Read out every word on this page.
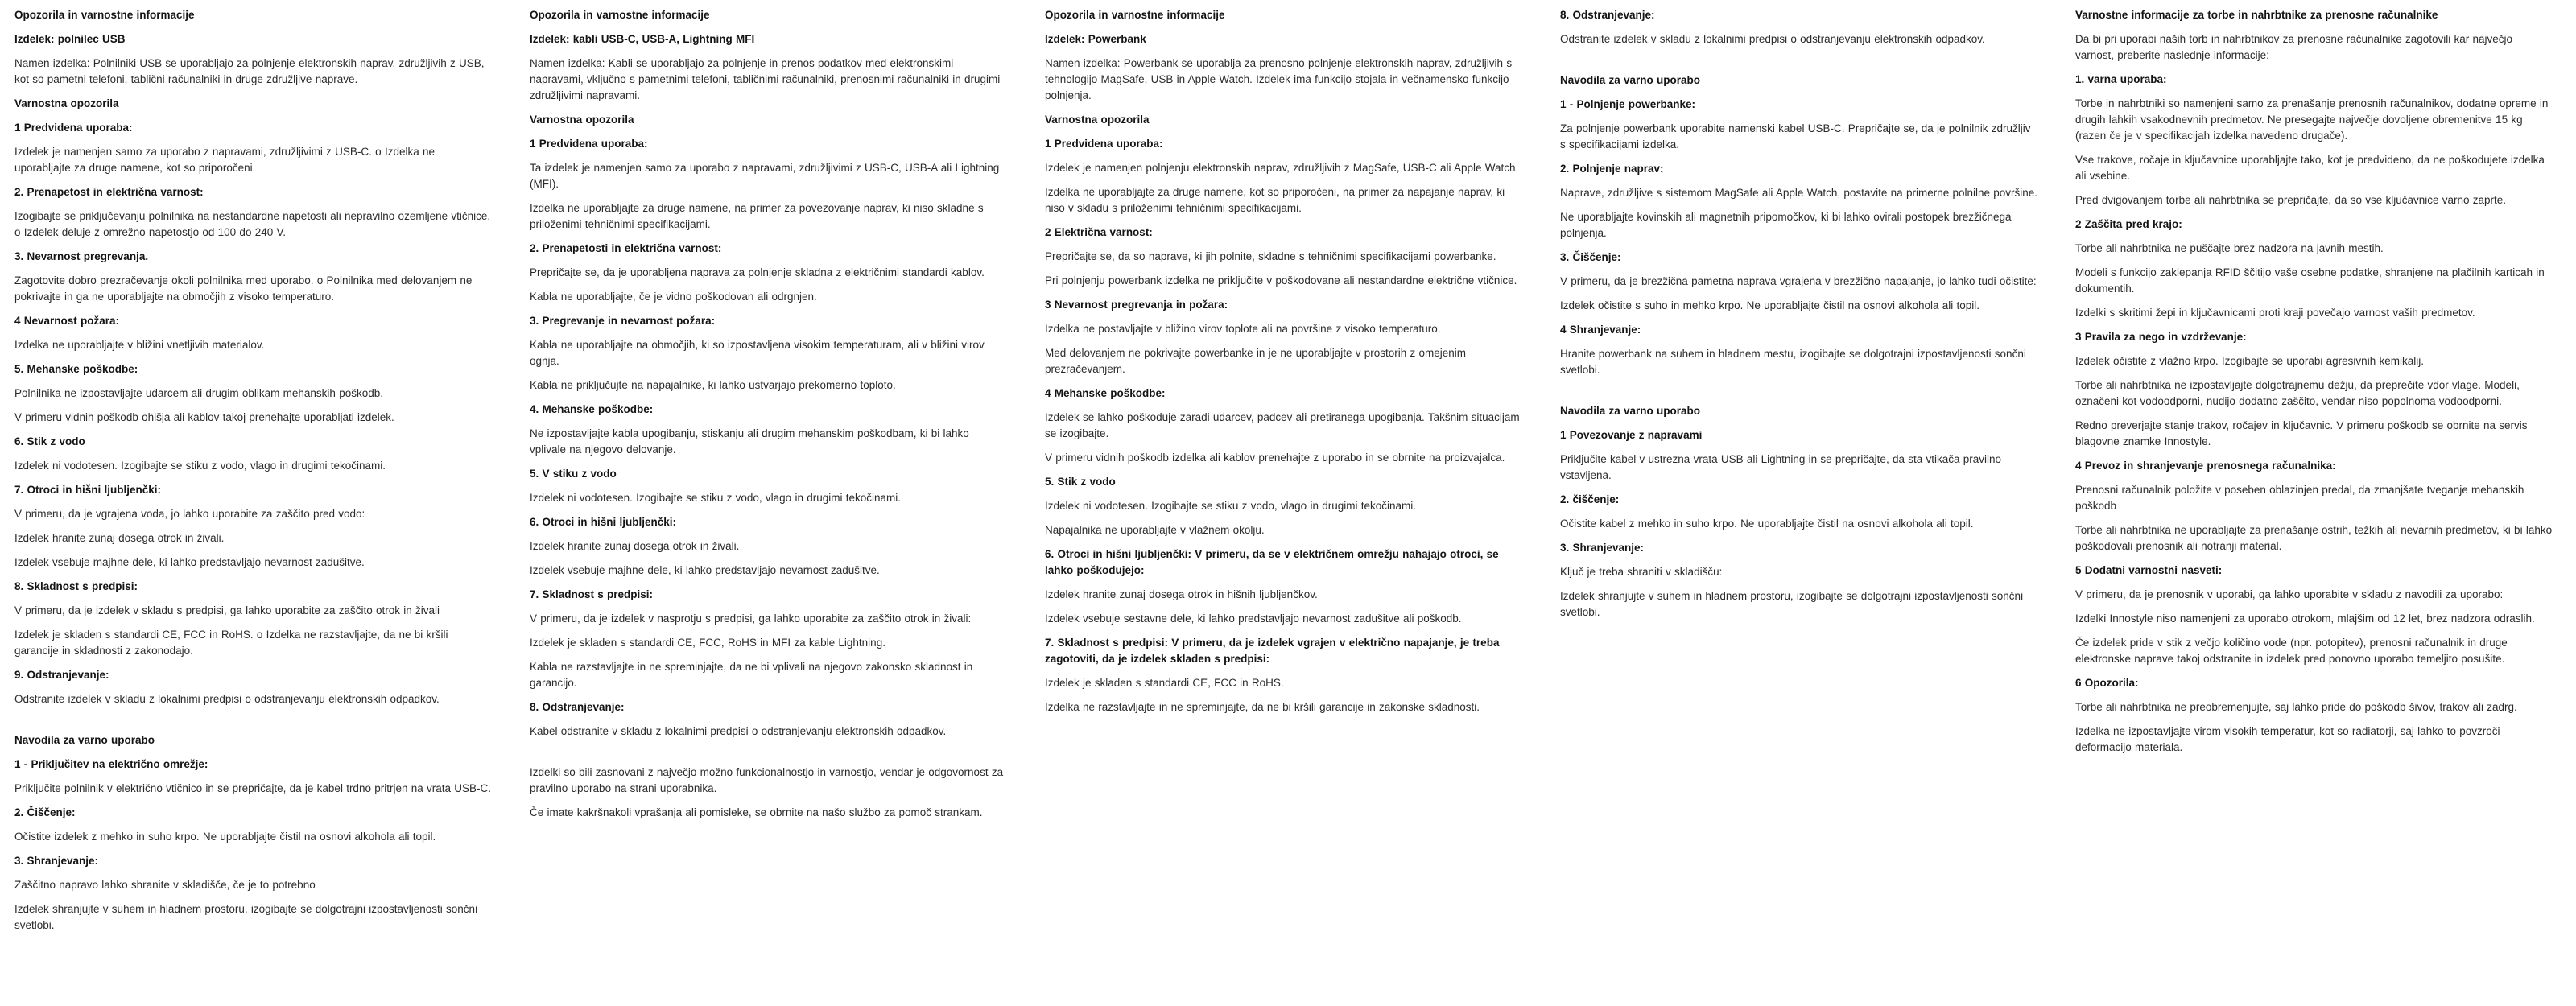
Opozorila in varnostne informacije

Izdelek: polnilec USB

Namen izdelka: Polnilniki USB se uporabljajo za polnjenje elektronskih naprav, združljivih z USB, kot so pametni telefoni, tablični računalniki in druge združljive naprave.

Varnostna opozorila

1 Predvidena uporaba:

Izdelek je namenjen samo za uporabo z napravami, združljivimi z USB-C. o Izdelka ne uporabljajte za druge namene, kot so priporočeni.

2. Prenapetost in električna varnost:

Izogibajte se priključevanju polnilnika na nestandardne napetosti ali nepravilno ozemljene vtičnice. o Izdelek deluje z omrežno napetostjo od 100 do 240 V.

3. Nevarnost pregrevanja.

Zagotovite dobro prezračevanje okoli polnilnika med uporabo. o Polnilnika med delovanjem ne pokrivajte in ga ne uporabljajte na območjih z visoko temperaturo.

4 Nevarnost požara:

Izdelka ne uporabljajte v bližini vnetljivih materialov.

5. Mehanske poškodbe:

Polnilnika ne izpostavljajte udarcem ali drugim oblikam mehanskih poškodb.

V primeru vidnih poškodb ohišja ali kablov takoj prenehajte uporabljati izdelek.

6. Stik z vodo

Izdelek ni vodotesen. Izogibajte se stiku z vodo, vlago in drugimi tekočinami.

7. Otroci in hišni ljubljenčki:

V primeru, da je vgrajena voda, jo lahko uporabite za zaščito pred vodo:

Izdelek hranite zunaj dosega otrok in živali.

Izdelek vsebuje majhne dele, ki lahko predstavljajo nevarnost zadušitve.

8. Skladnost s predpisi:

V primeru, da je izdelek v skladu s predpisi, ga lahko uporabite za zaščito otrok in živali

Izdelek je skladen s standardi CE, FCC in RoHS. o Izdelka ne razstavljajte, da ne bi kršili garancije in skladnosti z zakonodajo.

9. Odstranjevanje:

Odstranite izdelek v skladu z lokalnimi predpisi o odstranjevanju elektronskih odpadkov.

Navodila za varno uporabo

1 - Priključitev na električno omrežje:

Priključite polnilnik v električno vtičnico in se prepričajte, da je kabel trdno pritrjen na vrata USB-C.

2. Čiščenje:

Očistite izdelek z mehko in suho krpo. Ne uporabljajte čistil na osnovi alkohola ali topil.

3. Shranjevanje:

Zaščitno napravo lahko shranite v skladišče, če je to potrebno

Izdelek shranjujte v suhem in hladnem prostoru, izogibajte se dolgotrajni izpostavljenosti sončni svetlobi.

Opozorila in varnostne informacije

Izdelek: kabli USB-C, USB-A, Lightning MFI

Namen izdelka: Kabli se uporabljajo za polnjenje in prenos podatkov med elektronskimi napravami, vključno s pametnimi telefoni, tabličnimi računalniki, prenosnimi računalniki in drugimi združljivimi napravami.

Varnostna opozorila

1 Predvidena uporaba:

Ta izdelek je namenjen samo za uporabo z napravami, združljivimi z USB-C, USB-A ali Lightning (MFI).

Izdelka ne uporabljajte za druge namene, na primer za povezovanje naprav, ki niso skladne s priloženimi tehničnimi specifikacijami.

2. Prenapetosti in električna varnost:

Prepričajte se, da je uporabljena naprava za polnjenje skladna z električnimi standardi kablov.

Kabla ne uporabljajte, če je vidno poškodovan ali odrgnjen.

3. Pregrevanje in nevarnost požara:

Kabla ne uporabljajte na območjih, ki so izpostavljena visokim temperaturam, ali v bližini virov ognja.

Kabla ne priključujte na napajalnike, ki lahko ustvarjajo prekomerno toploto.

4. Mehanske poškodbe:

Ne izpostavljajte kabla upogibanju, stiskanju ali drugim mehanskim poškodbam, ki bi lahko vplivale na njegovo delovanje.

5. V stiku z vodo

Izdelek ni vodotesen. Izogibajte se stiku z vodo, vlago in drugimi tekočinami.

6. Otroci in hišni ljubljenčki:

Izdelek hranite zunaj dosega otrok in živali.

Izdelek vsebuje majhne dele, ki lahko predstavljajo nevarnost zadušitve.

7. Skladnost s predpisi:

V primeru, da je izdelek v nasprotju s predpisi, ga lahko uporabite za zaščito otrok in živali:

Izdelek je skladen s standardi CE, FCC, RoHS in MFI za kable Lightning.

Kabla ne razstavljajte in ne spreminjajte, da ne bi vplivali na njegovo zakonsko skladnost in garancijo.

8. Odstranjevanje:

Kabel odstranite v skladu z lokalnimi predpisi o odstranjevanju elektronskih odpadkov.

Izdelki so bili zasnovani z največjo možno funkcionalnostjo in varnostjo, vendar je odgovornost za pravilno uporabo na strani uporabnika.

Če imate kakršnakoli vprašanja ali pomisleke, se obrnite na našo službo za pomoč strankam.

Opozorila in varnostne informacije

Izdelek: Powerbank

Namen izdelka: Powerbank se uporablja za prenosno polnjenje elektronskih naprav, združljivih s tehnologijo MagSafe, USB in Apple Watch. Izdelek ima funkcijo stojala in večnamensko funkcijo polnjenja.

Varnostna opozorila

1 Predvidena uporaba:

Izdelek je namenjen polnjenju elektronskih naprav, združljivih z MagSafe, USB-C ali Apple Watch.

Izdelka ne uporabljajte za druge namene, kot so priporočeni, na primer za napajanje naprav, ki niso v skladu s priloženimi tehničnimi specifikacijami.

2 Električna varnost:

Prepričajte se, da so naprave, ki jih polnite, skladne s tehničnimi specifikacijami powerbanke.

Pri polnjenju powerbank izdelka ne priključite v poškodovane ali nestandardne električne vtičnice.

3 Nevarnost pregrevanja in požara:

Izdelka ne postavljajte v bližino virov toplote ali na površine z visoko temperaturo.

Med delovanjem ne pokrivajte powerbanke in je ne uporabljajte v prostorih z omejenim prezračevanjem.

4 Mehanske poškodbe:

Izdelek se lahko poškoduje zaradi udarcev, padcev ali pretiranega upogibanja. Takšnim situacijam se izogibajte.

V primeru vidnih poškodb izdelka ali kablov prenehajte z uporabo in se obrnite na proizvajalca.

5. Stik z vodo

Izdelek ni vodotesen. Izogibajte se stiku z vodo, vlago in drugimi tekočinami.

Napajalnika ne uporabljajte v vlažnem okolju.

6. Otroci in hišni ljubljenčki: V primeru, da se v električnem omrežju nahajajo otroci, se lahko poškodujejo:

Izdelek hranite zunaj dosega otrok in hišnih ljubljenčkov.

Izdelek vsebuje sestavne dele, ki lahko predstavljajo nevarnost zadušitve ali poškodb.

7. Skladnost s predpisi: V primeru, da je izdelek vgrajen v električno napajanje, je treba zagotoviti, da je izdelek skladen s predpisi:

Izdelek je skladen s standardi CE, FCC in RoHS.

Izdelka ne razstavljajte in ne spreminjajte, da ne bi kršili garancije in zakonske skladnosti.

8. Odstranjevanje:

Odstranite izdelek v skladu z lokalnimi predpisi o odstranjevanju elektronskih odpadkov.

Navodila za varno uporabo

1 - Polnjenje powerbanke:

Za polnjenje powerbank uporabite namenski kabel USB-C. Prepričajte se, da je polnilnik združljiv s specifikacijami izdelka.

2. Polnjenje naprav:

Naprave, združljive s sistemom MagSafe ali Apple Watch, postavite na primerne polnilne površine.

Ne uporabljajte kovinskih ali magnetnih pripomočkov, ki bi lahko ovirali postopek brezžičnega polnjenja.

3. Čiščenje:

V primeru, da je brezžična pametna naprava vgrajena v brezžično napajanje, jo lahko tudi očistite:

Izdelek očistite s suho in mehko krpo. Ne uporabljajte čistil na osnovi alkohola ali topil.

4 Shranjevanje:

Hranite powerbank na suhem in hladnem mestu, izogibajte se dolgotrajni izpostavljenosti sončni svetlobi.

Navodila za varno uporabo

1 Povezovanje z napravami

Priključite kabel v ustrezna vrata USB ali Lightning in se prepričajte, da sta vtikača pravilno vstavljena.

2. čiščenje:

Očistite kabel z mehko in suho krpo. Ne uporabljajte čistil na osnovi alkohola ali topil.

3. Shranjevanje:

Ključ je treba shraniti v skladišču:

Izdelek shranjujte v suhem in hladnem prostoru, izogibajte se dolgotrajni izpostavljenosti sončni svetlobi.

Varnostne informacije za torbe in nahrbtnike za prenosne računalnike

Da bi pri uporabi naših torb in nahrbtnikov za prenosne računalnike zagotovili kar največjo varnost, preberite naslednje informacije:

1. varna uporaba:

Torbe in nahrbtniki so namenjeni samo za prenašanje prenosnih računalnikov, dodatne opreme in drugih lahkih vsakodnevnih predmetov. Ne presegajte največje dovoljene obremenitve 15 kg (razen če je v specifikacijah izdelka navedeno drugače).

Vse trakove, ročaje in ključavnice uporabljajte tako, kot je predvideno, da ne poškodujete izdelka ali vsebine.

Pred dvigovanjem torbe ali nahrbtnika se prepričajte, da so vse ključavnice varno zaprte.

2 Zaščita pred krajo:

Torbe ali nahrbtnika ne puščajte brez nadzora na javnih mestih.

Modeli s funkcijo zaklepanja RFID ščitijo vaše osebne podatke, shranjene na plačilnih karticah in dokumentih.

Izdelki s skritimi žepi in ključavnicami proti kraji povečajo varnost vaših predmetov.

3 Pravila za nego in vzdrževanje:

Izdelek očistite z vlažno krpo. Izogibajte se uporabi agresivnih kemikalij.

Torbe ali nahrbtnika ne izpostavljajte dolgotrajnemu dežju, da preprečite vdor vlage. Modeli, označeni kot vodoodporni, nudijo dodatno zaščito, vendar niso popolnoma vodoodporni.

Redno preverjajte stanje trakov, ročajev in ključavnic. V primeru poškodb se obrnite na servis blagovne znamke Innostyle.

4 Prevoz in shranjevanje prenosnega računalnika:

Prenosni računalnik položite v poseben oblazinjen predal, da zmanjšate tveganje mehanskih poškodb

Torbe ali nahrbtnika ne uporabljajte za prenašanje ostrih, težkih ali nevarnih predmetov, ki bi lahko poškodovali prenosnik ali notranji material.

5 Dodatni varnostni nasveti:

V primeru, da je prenosnik v uporabi, ga lahko uporabite v skladu z navodili za uporabo:

Izdelki Innostyle niso namenjeni za uporabo otrokom, mlajšim od 12 let, brez nadzora odraslih.

Če izdelek pride v stik z večjo količino vode (npr. potopitev), prenosni računalnik in druge elektronske naprave takoj odstranite in izdelek pred ponovno uporabo temeljito posušite.

6 Opozorila:

Torbe ali nahrbtnika ne preobremenjujte, saj lahko pride do poškodb šivov, trakov ali zadrg.

Izdelka ne izpostavljajte virom visokih temperatur, kot so radiatorji, saj lahko to povzroči deformacijo materiala.
